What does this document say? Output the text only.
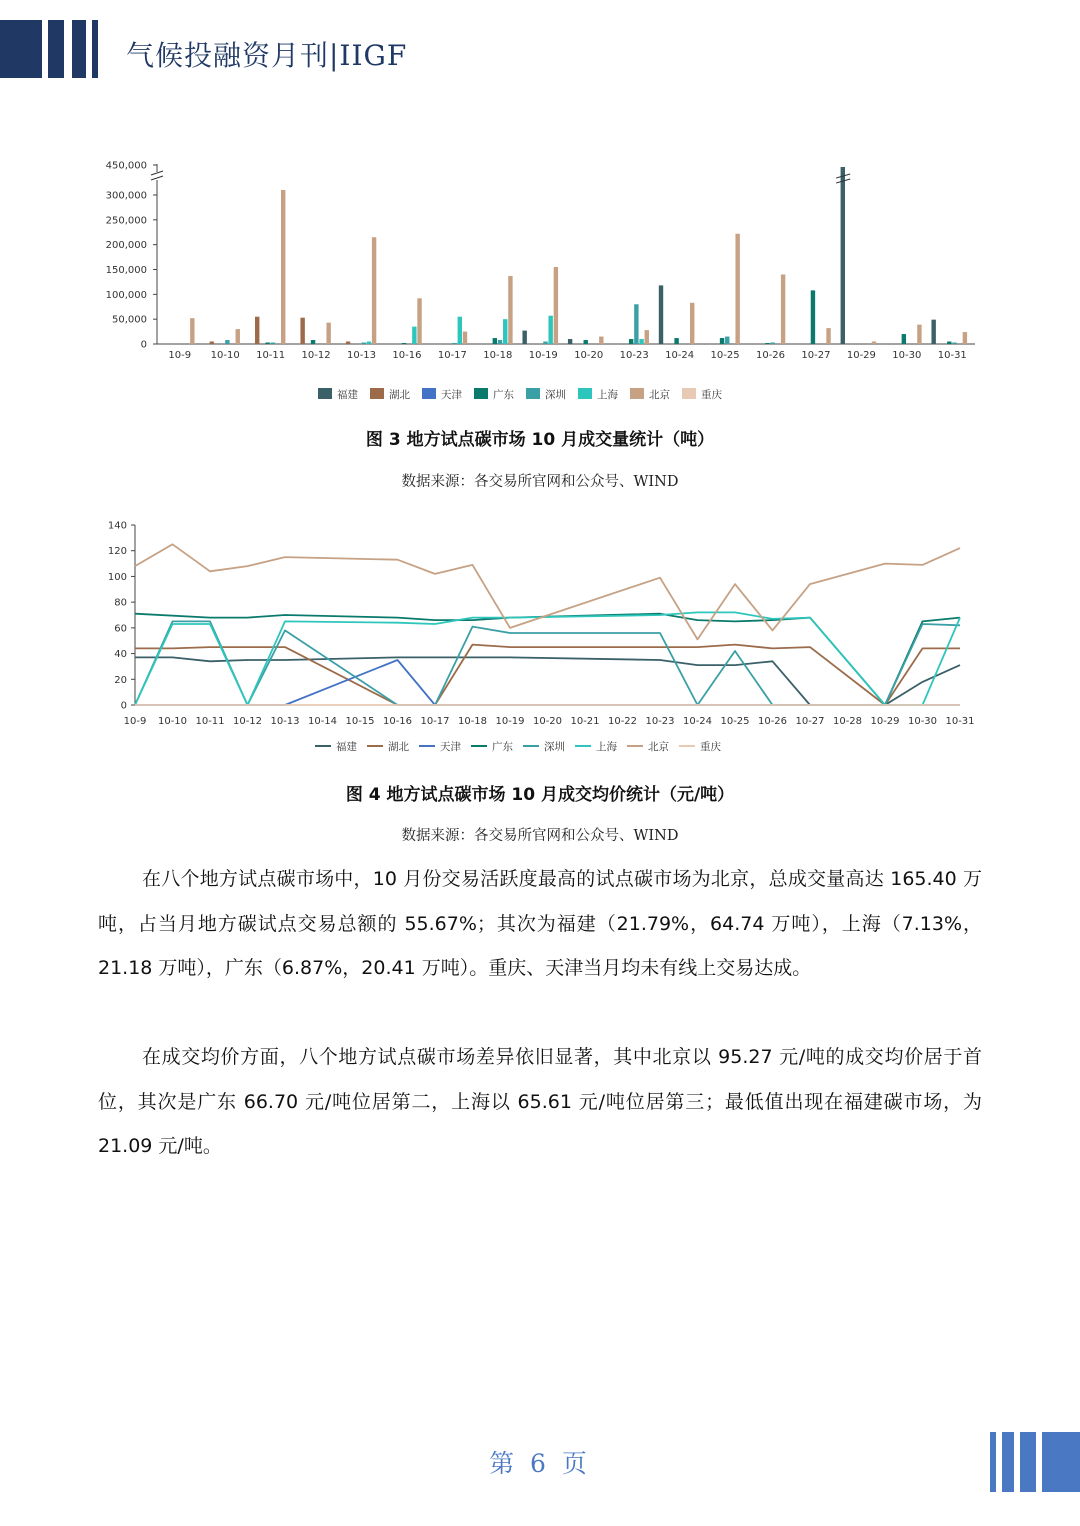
气候投融资月刊|IIGF
0
50,000
100,000
150,000
200,000
250,000
300,000
450,000
10-9 10-10 10-11 10-12 10-13 10-16 10-17 10-18 10-19 10-20 10-23 10-24 10-25 10-26 10-27 10-29 10-30 10-31
福建	湖北	天津	广东	深圳	上海	北京	重庆
图 3 地方试点碳市场 10 月成交量统计（吨）
数据来源：各交易所官网和公众号、WIND
0
20
40
60
80
100
120
140
10-9 10-10 10-11 10-12 10-13 10-14 10-15 10-16 10-17 10-18 10-19 10-20 10-21 10-22 10-23 10-24 10-25 10-26 10-27 10-28 10-29 10-30 10-31
福建	湖北	天津	广东	深圳	上海	北京	重庆
图 4 地方试点碳市场 10 月成交均价统计（元/吨）
数据来源：各交易所官网和公众号、WIND
在八个地方试点碳市场中，10 月份交易活跃度最高的试点碳市场为北京，总成交量高达 165.40 万吨，占当月地方碳试点交易总额的 55.67%；其次为福建（21.79%，64.74 万吨），上海（7.13%，21.18 万吨），广东（6.87%，20.41 万吨）。重庆、天津当月均未有线上交易达成。
在成交均价方面，八个地方试点碳市场差异依旧显著，其中北京以 95.27 元/吨的成交均价居于首位，其次是广东 66.70 元/吨位居第二，上海以 65.61 元/吨位居第三；最低值出现在福建碳市场，为 21.09 元/吨。
第 6 页
